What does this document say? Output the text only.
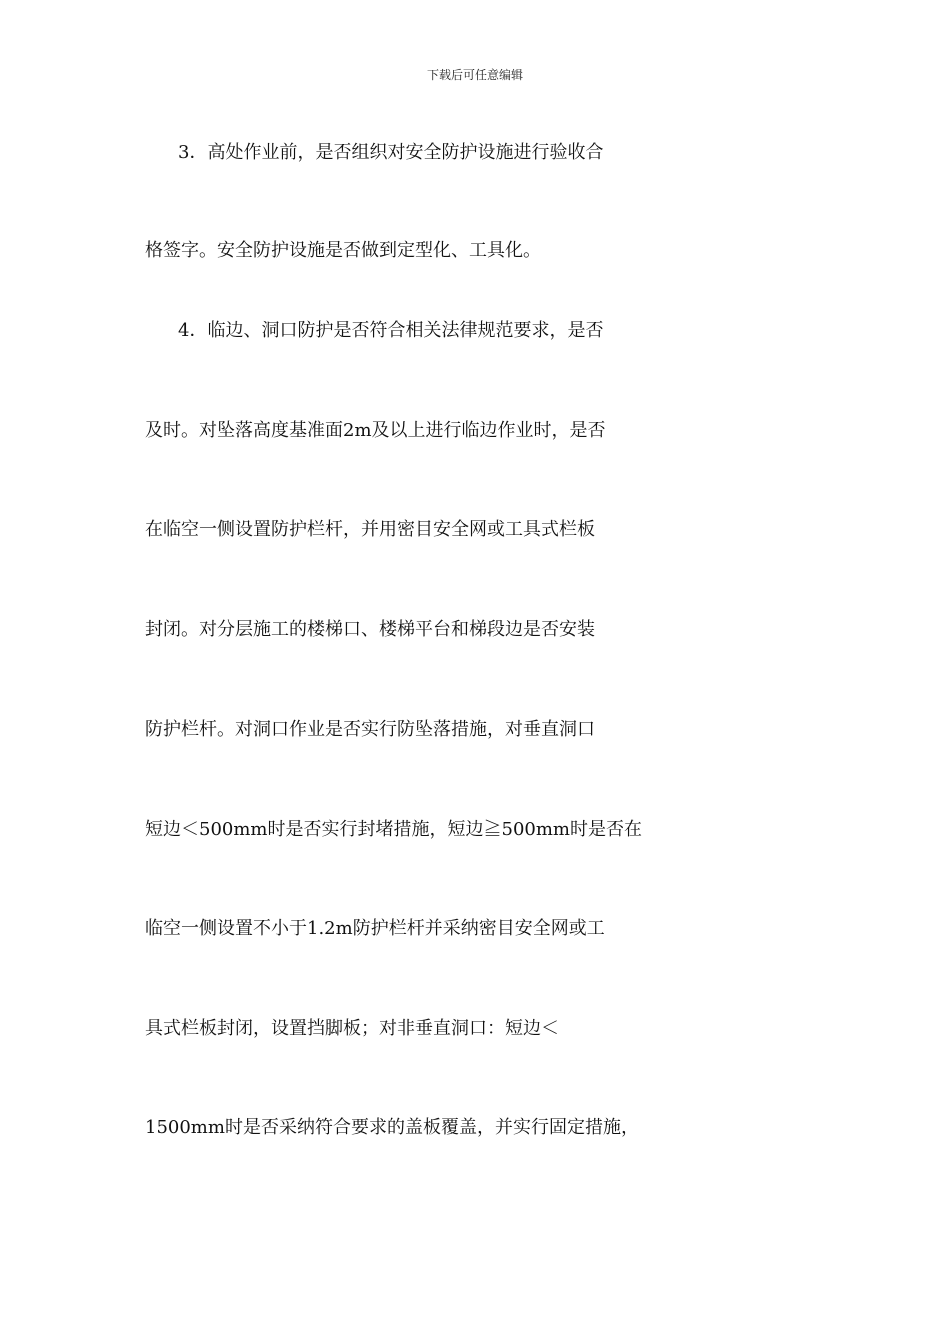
下载后可任意编辑
3．高处作业前，是否组织对安全防护设施进行验收合
格签字。安全防护设施是否做到定型化、工具化。
4．临边、洞口防护是否符合相关法律规范要求，是否
及时。对坠落高度基准面2m及以上进行临边作业时，是否
在临空一侧设置防护栏杆，并用密目安全网或工具式栏板
封闭。对分层施工的楼梯口、楼梯平台和梯段边是否安装
防护栏杆。对洞口作业是否实行防坠落措施，对垂直洞口
短边＜500mm时是否实行封堵措施，短边≧500mm时是否在
临空一侧设置不小于1.2m防护栏杆并采纳密目安全网或工
具式栏板封闭，设置挡脚板；对非垂直洞口：短边＜
1500mm时是否采纳符合要求的盖板覆盖，并实行固定措施，
